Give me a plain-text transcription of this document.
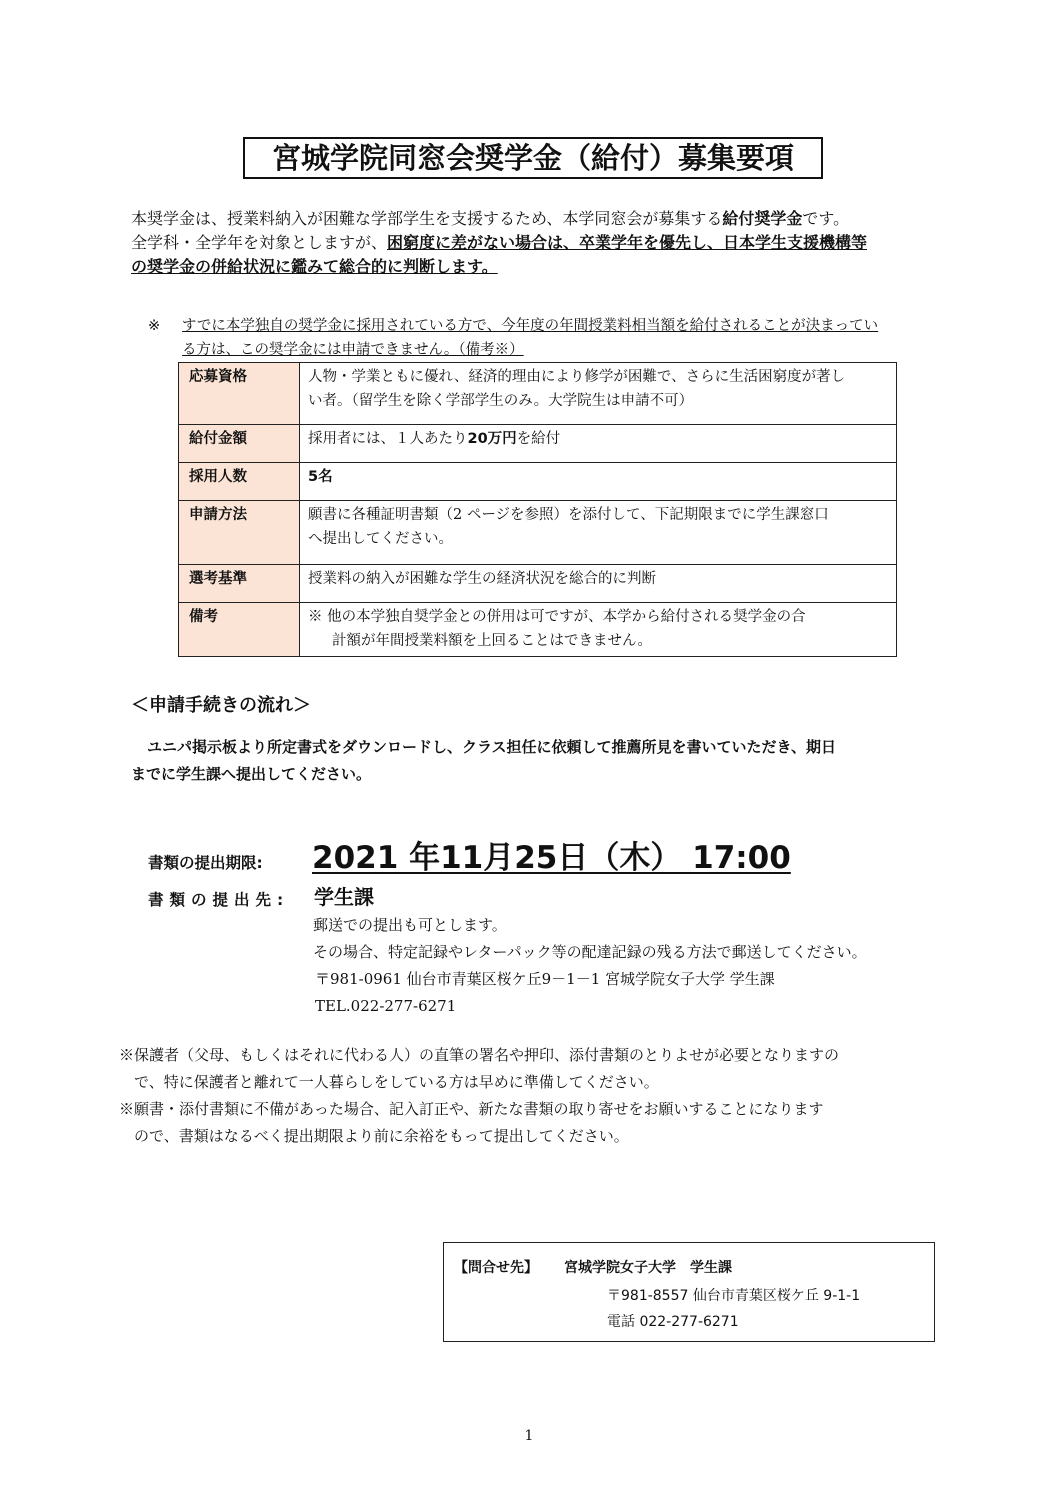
宮城学院同窓会奨学金（給付）募集要項

本奨学金は、授業料納入が困難な学部学生を支援するため、本学同窓会が募集する給付奨学金です。

全学科・全学年を対象としますが、困窮度に差がない場合は、卒業学年を優先し、日本学生支援機構等

の奨学金の併給状況に鑑みて総合的に判断します。

※ すでに本学独自の奨学金に採用されている方で、今年度の年間授業料相当額を給付されることが決まってい
る方は、この奨学金には申請できません。（備考※）
応募資格	人物・学業ともに優れ、経済的理由により修学が困難で、さらに生活困窮度が著し
い者。（留学生を除く学部学生のみ。大学院生は申請不可）

給付金額	採用者には、１人あたり20万円を給付
採用人数	5名
申請方法	願書に各種証明書類（2 ページを参照）を添付して、下記期限までに学生課窓口
へ提出してください。

選考基準	授業料の納入が困難な学生の経済状況を総合的に判断

備考	※ 他の本学独自奨学金との併用は可ですが、本学から給付される奨学金の合
計額が年間授業料額を上回ることはできません。
＜申請手続きの流れ＞
ユニパ掲示板より所定書式をダウンロードし、クラス担任に依頼して推薦所見を書いていただき、期日
までに学生課へ提出してください。
書類の提出期限: 2021 年11月25日（木） 17:00
書類の提出先: 学生課
郵送での提出も可とします。
その場合、特定記録やレターパック等の配達記録の残る方法で郵送してください。
〒981-0961 仙台市青葉区桜ケ丘9－1－1 宮城学院女子大学 学生課
TEL.022-277-6271
※保護者（父母、もしくはそれに代わる人）の直筆の署名や押印、添付書類のとりよせが必要となりますの
で、特に保護者と離れて一人暮らしをしている方は早めに準備してください。
※願書・添付書類に不備があった場合、記入訂正や、新たな書類の取り寄せをお願いすることになります
ので、書類はなるべく提出期限より前に余裕をもって提出してください。
【問合せ先】 宮城学院女子大学　学生課
〒981-8557 仙台市青葉区桜ケ丘 9-1-1
電話 022-277-6271
1
